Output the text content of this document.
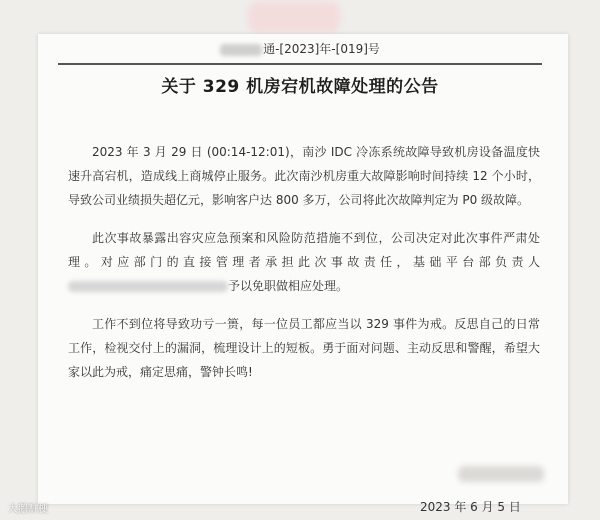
通-[2023]年-[019]号
关于 329 机房宕机故障处理的公告

2023 年 3 月 29 日 (00:14-12:01)，南沙 IDC 冷冻系统故障导致机房设备温度快速升高宕机，造成线上商城停止服务。此次南沙机房重大故障影响时间持续 12 个小时，导致公司业绩损失超亿元，影响客户达 800 多万，公司将此次故障判定为 P0 级故障。

此次事故暴露出容灾应急预案和风险防范措施不到位，公司决定对此次事件严肃处理。对应部门的直接管理者承担此次事故责任，基础平台部负责人予以免职做相应处理。

工作不到位将导致功亏一篑，每一位员工都应当以 329 事件为戒。反思自己的日常工作，检视交付上的漏洞，梳理设计上的短板。勇于面对问题、主动反思和警醒，希望大家以此为戒，痛定思痛，警钟长鸣!

2023 年 6 月 5 日
大鹅赃梗
